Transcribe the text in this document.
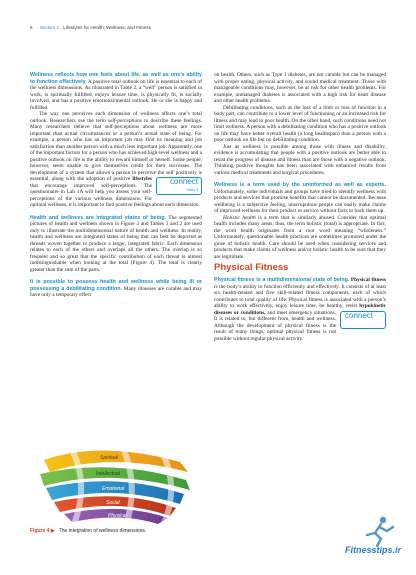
6 Section 1 Lifestyles for Health, Wellness, and Fitness

Wellness reflects how one feels about life, as well as one’s ability to function effectively. A positive total outlook on life is essential to each of the wellness dimensions. As illustrated in Table 2, a “well” person is satisfied in work, is spiritually fulfilled, enjoys leisure time, is physically fit, is socially involved, and has a positive emotional/mental outlook. He or she is happy and fulfilled.

The way one perceives each dimension of wellness affects one’s total outlook. Researchers use the term self-perceptions to describe these feelings. Many researchers believe that self-perceptions about wellness are more important than actual circumstances or a person’s actual state of being. For example, a person who has an important job may find its meaning and job satisfaction than another person with a much less important job. Apparently, one of the important factors for a person who has achieved high-level wellness and a positive outlook on life is the ability to reward himself or herself. Some people, however, seem unable to give themselves credit for their successes. The development of a system that allows a person to perceive the self positively is essential, along with the adoption of positive	connect
Video 3
lifestyles that encourage improved self-perceptions. The questionnaire in Lab 1A will help you assess your self-perceptions of the various wellness dimensions. For optimal wellness, it is important to find positive feelings about each dimension.

Health and wellness are integrated states of being. The segmented pictures of health and wellness shown in Figure 3 and Tables 1 and 2 are used only to illustrate the multidimensional nature of health and wellness. In reality, health and wellness are integrated states of being that can best be depicted as threads woven together to produce a larger, integrated fabric. Each dimension relates to each of the others and overlaps all the others. The overlap is so frequent and so great that the specific contribution of each thread is almost indistinguishable when looking at the total (Figure 4). The total is clearly greater than the sum of the parts.

It is possible to possess health and wellness while being ill or possessing a debilitating condition. Many illnesses are curable and may have only a temporary effect

Spiritual
Intellectual
Emotional
Social
Physical
Figure 4 ▶ The integration of wellness dimensions.

on health. Others, such as Type 1 diabetes, are not curable but can be managed with proper eating, physical activity, and sound medical treatment. Those with manageable conditions may, however, be at risk for other health problems. For example, unmanaged diabetes is associated with a high risk for heart disease and other health problems.

Debilitating conditions, such as the loss of a limb or loss of function in a body part, can contribute to a lower level of functioning or an increased risk for illness and may lead to poor health. On the other hand, such conditions need not limit wellness. A person with a debilitating condition who has a positive outlook on life may have better overall health (a long healthspan) than a person with a poor outlook on life but no debilitating condition.

Just as wellness is possible among those with illness and disability, evidence is accumulating that people with a positive outlook are better able to resist the progress of disease and illness than are those with a negative outlook. Thinking positive thoughts has been associated with enhanced results from various medical treatments and surgical procedures.

Wellness is a term used by the uninformed as well as experts. Unfortunately, some individuals and groups have tried to identify wellness with products and services that promise benefits that cannot be documented. Because wellbeing is a subjective feeling, unscrupulous people can easily make claims of improved wellness for their product or service without facts to back them up.

Holistic health is a term that is similarly abused. Consider that optimal health includes many areas; thus, the term holistic (total) is appropriate. In fact, the word health originates from a root word meaning “wholeness.” Unfortunately, questionable health practices are sometimes promoted under the guise of holistic health. Care should be used when considering services and products that make claims of wellness and/or holistic health to be sure that they are legitimate.

Physical Fitness

Physical fitness is a multidimensional state of being. Physical fitness is the body’s ability to function efficiently and effectively. It consists of at least six health-related and five skill-related fitness components, each of which contributes to total quality of life. Physical fitness is associated with a person’s ability to work effectively, enjoy leisure time, be healthy, resist
connect
hypokinetic diseases or conditions, and meet emergency situations. It is related to, but different from, health and wellness. Although the development of physical fitness is the result of many things, optimal physical fitness is not possible without regular physical activity.

Fitnesstips.ir
